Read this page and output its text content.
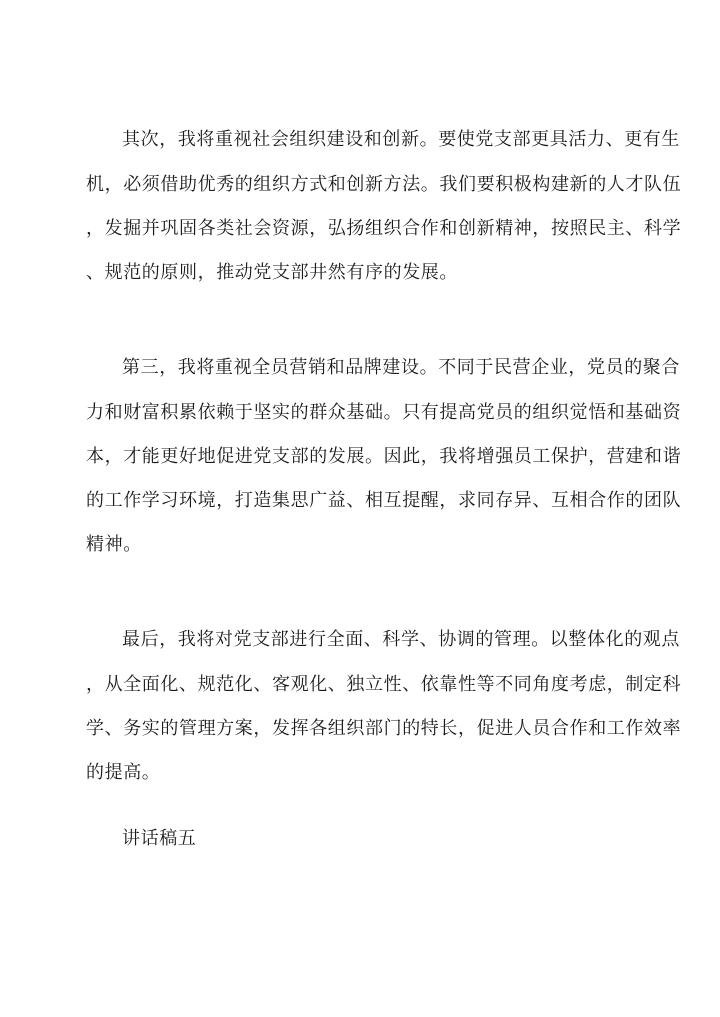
其次，我将重视社会组织建设和创新。要使党支部更具活力、更有生
机，必须借助优秀的组织方式和创新方法。我们要积极构建新的人才队伍
，发掘并巩固各类社会资源，弘扬组织合作和创新精神，按照民主、科学
、规范的原则，推动党支部井然有序的发展。
第三，我将重视全员营销和品牌建设。不同于民营企业，党员的聚合
力和财富积累依赖于坚实的群众基础。只有提高党员的组织觉悟和基础资
本，才能更好地促进党支部的发展。因此，我将增强员工保护，营建和谐
的工作学习环境，打造集思广益、相互提醒，求同存异、互相合作的团队
精神。
最后，我将对党支部进行全面、科学、协调的管理。以整体化的观点
，从全面化、规范化、客观化、独立性、依靠性等不同角度考虑，制定科
学、务实的管理方案，发挥各组织部门的特长，促进人员合作和工作效率
的提高。
讲话稿五
